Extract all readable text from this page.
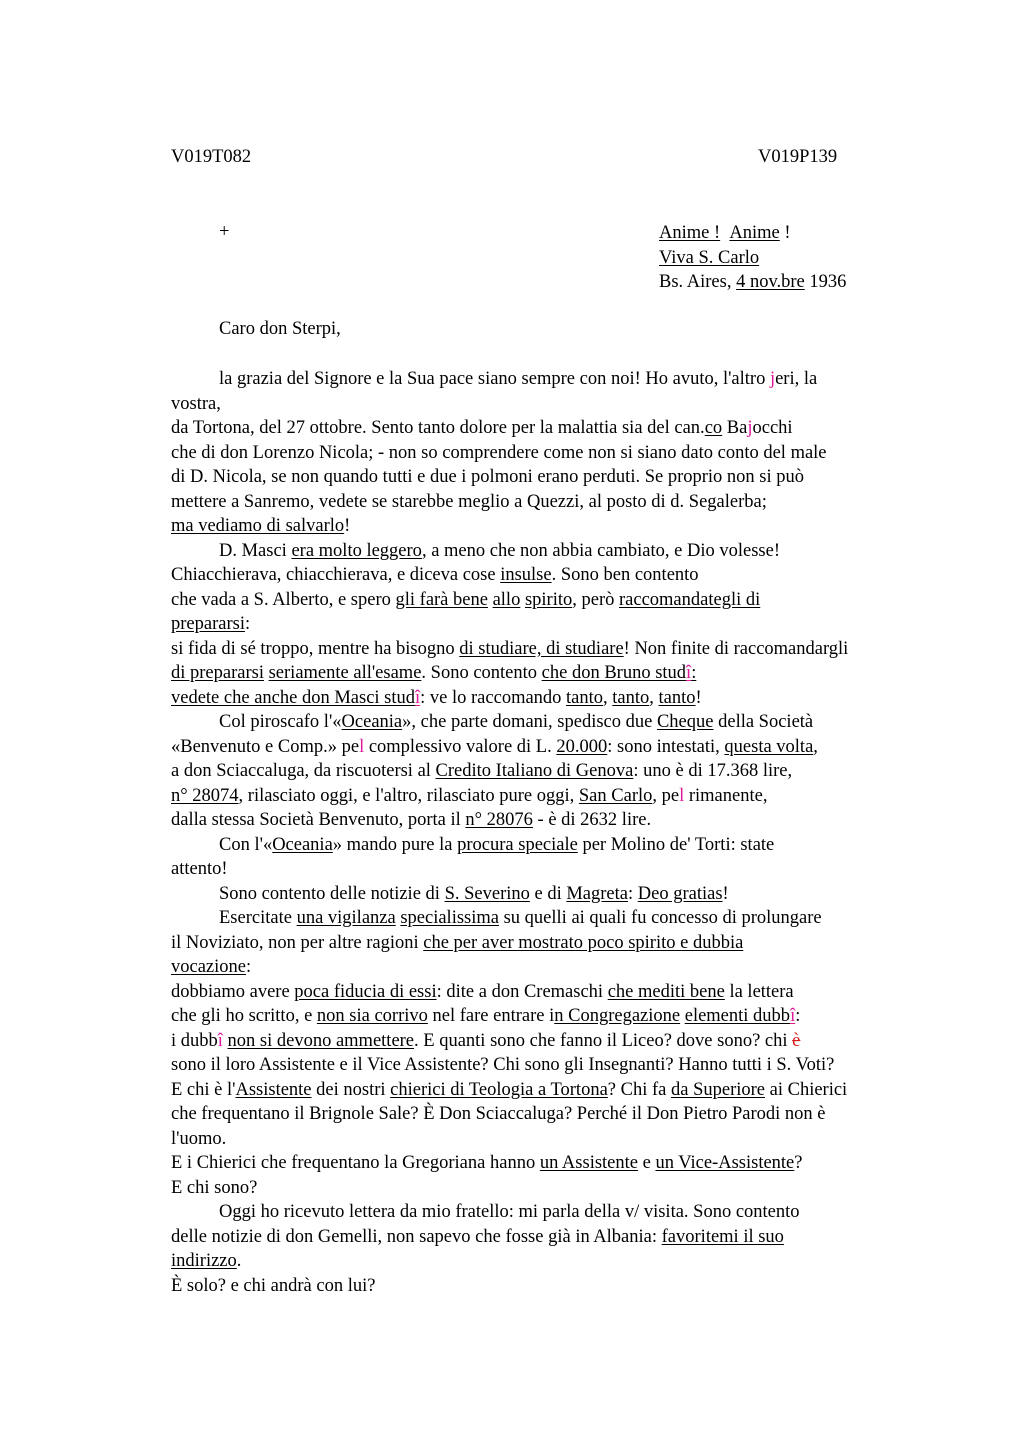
V019T082	V019P139
+	Anime ! Anime !
Viva S. Carlo
Bs. Aires, 4 nov.bre 1936
Caro don Sterpi,
la grazia del Signore e la Sua pace siano sempre con noi! Ho avuto, l'altro jeri, la
vostra,
da Tortona, del 27 ottobre. Sento tanto dolore per la malattia sia del can.co Bajocchi
che di don Lorenzo Nicola; - non so comprendere come non si siano dato conto del male
di D. Nicola, se non quando tutti e due i polmoni erano perduti. Se proprio non si può
mettere a Sanremo, vedete se starebbe meglio a Quezzi, al posto di d. Segalerba;
ma vediamo di salvarlo!
D. Masci era molto leggero, a meno che non abbia cambiato, e Dio volesse!
Chiacchierava, chiacchierava, e diceva cose insulse. Sono ben contento
che vada a S. Alberto, e spero gli farà bene allo spirito, però raccomandategli di
prepararsi:
si fida di sé troppo, mentre ha bisogno di studiare, di studiare! Non finite di raccomandargli
di prepararsi seriamente all'esame. Sono contento che don Bruno studî:
vedete che anche don Masci studî: ve lo raccomando tanto, tanto, tanto!
Col piroscafo l'«Oceania», che parte domani, spedisco due Cheque della Società
«Benvenuto e Comp.» pel complessivo valore di L. 20.000: sono intestati, questa volta,
a don Sciaccaluga, da riscuotersi al Credito Italiano di Genova: uno è di 17.368 lire,
n° 28074, rilasciato oggi, e l'altro, rilasciato pure oggi, San Carlo, pel rimanente,
dalla stessa Società Benvenuto, porta il n° 28076 - è di 2632 lire.
Con l'«Oceania» mando pure la procura speciale per Molino de' Torti: state
attento!
Sono contento delle notizie di S. Severino e di Magreta: Deo gratias!
Esercitate una vigilanza specialissima su quelli ai quali fu concesso di prolungare
il Noviziato, non per altre ragioni che per aver mostrato poco spirito e dubbia
vocazione:
dobbiamo avere poca fiducia di essi: dite a don Cremaschi che mediti bene la lettera
che gli ho scritto, e non sia corrivo nel fare entrare in Congregazione elementi dubbî:
i dubbî non si devono ammettere. E quanti sono che fanno il Liceo? dove sono? chi è
sono il loro Assistente e il Vice Assistente? Chi sono gli Insegnanti? Hanno tutti i S. Voti?
E chi è l'Assistente dei nostri chierici di Teologia a Tortona? Chi fa da Superiore ai Chierici
che frequentano il Brignole Sale? È Don Sciaccaluga? Perché il Don Pietro Parodi non è
l'uomo.
E i Chierici che frequentano la Gregoriana hanno un Assistente e un Vice-Assistente?
E chi sono?
Oggi ho ricevuto lettera da mio fratello: mi parla della v/ visita. Sono contento
delle notizie di don Gemelli, non sapevo che fosse già in Albania: favoritemi il suo
indirizzo.
È solo? e chi andrà con lui?
